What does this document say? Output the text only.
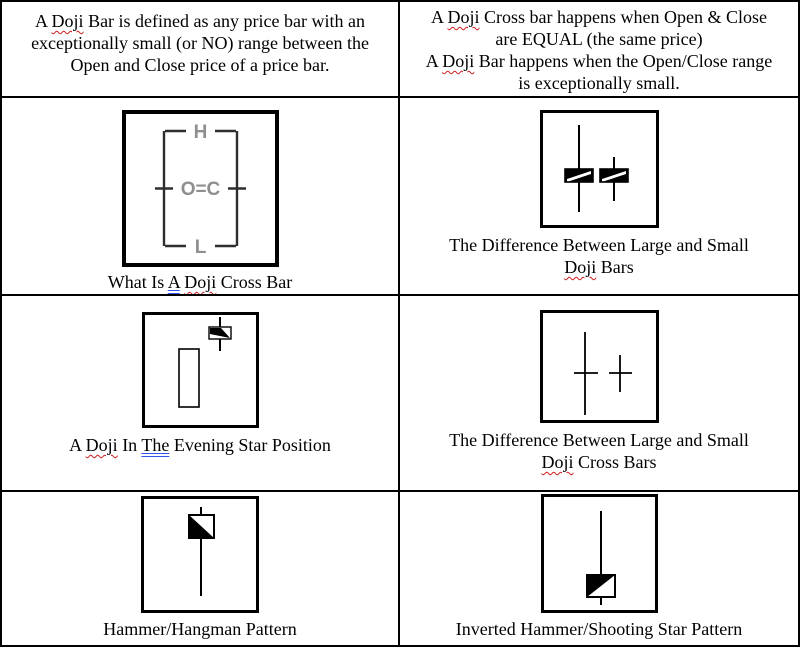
A Doji Bar is defined as any price bar with an
exceptionally small (or NO) range between the
Open and Close price of a price bar.

A Doji Cross bar happens when Open & Close
are EQUAL (the same price)
A Doji Bar happens when the Open/Close range
is exceptionally small.

H
O=C
L
What Is A Doji Cross Bar
The Difference Between Large and Small
Doji Bars
A Doji In The Evening Star Position	The Difference Between Large and Small
Doji Cross Bars
Hammer/Hangman Pattern	Inverted Hammer/Shooting Star Pattern
